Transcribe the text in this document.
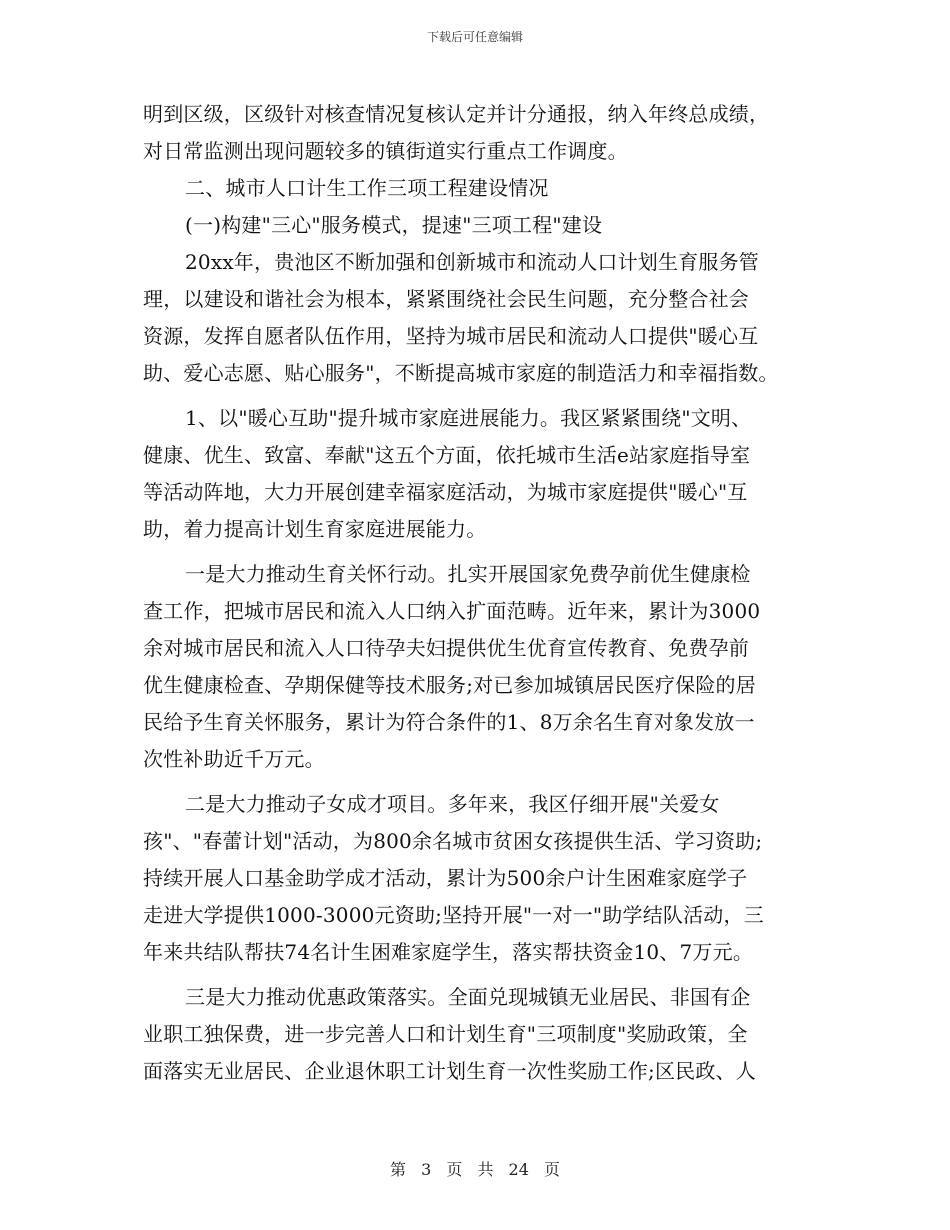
下载后可任意编辑
明到区级，区级针对核查情况复核认定并计分通报，纳入年终总成绩，
对日常监测出现问题较多的镇街道实行重点工作调度。
二、城市人口计生工作三项工程建设情况
(一)构建"三心"服务模式，提速"三项工程"建设
20xx年，贵池区不断加强和创新城市和流动人口计划生育服务管
理，以建设和谐社会为根本，紧紧围绕社会民生问题，充分整合社会
资源，发挥自愿者队伍作用，坚持为城市居民和流动人口提供"暖心互
助、爱心志愿、贴心服务"，不断提高城市家庭的制造活力和幸福指数。
1、以"暖心互助"提升城市家庭进展能力。我区紧紧围绕"文明、
健康、优生、致富、奉献"这五个方面，依托城市生活e站家庭指导室
等活动阵地，大力开展创建幸福家庭活动，为城市家庭提供"暖心"互
助，着力提高计划生育家庭进展能力。
一是大力推动生育关怀行动。扎实开展国家免费孕前优生健康检
查工作，把城市居民和流入人口纳入扩面范畴。近年来，累计为3000
余对城市居民和流入人口待孕夫妇提供优生优育宣传教育、免费孕前
优生健康检查、孕期保健等技术服务;对已参加城镇居民医疗保险的居
民给予生育关怀服务，累计为符合条件的1、8万余名生育对象发放一
次性补助近千万元。
二是大力推动子女成才项目。多年来，我区仔细开展"关爱女
孩"、"春蕾计划"活动，为800余名城市贫困女孩提供生活、学习资助;
持续开展人口基金助学成才活动，累计为500余户计生困难家庭学子
走进大学提供1000-3000元资助;坚持开展"一对一"助学结队活动，三
年来共结队帮扶74名计生困难家庭学生，落实帮扶资金10、7万元。
三是大力推动优惠政策落实。全面兑现城镇无业居民、非国有企
业职工独保费，进一步完善人口和计划生育"三项制度"奖励政策，全
面落实无业居民、企业退休职工计划生育一次性奖励工作;区民政、人
第 3 页 共 24 页
